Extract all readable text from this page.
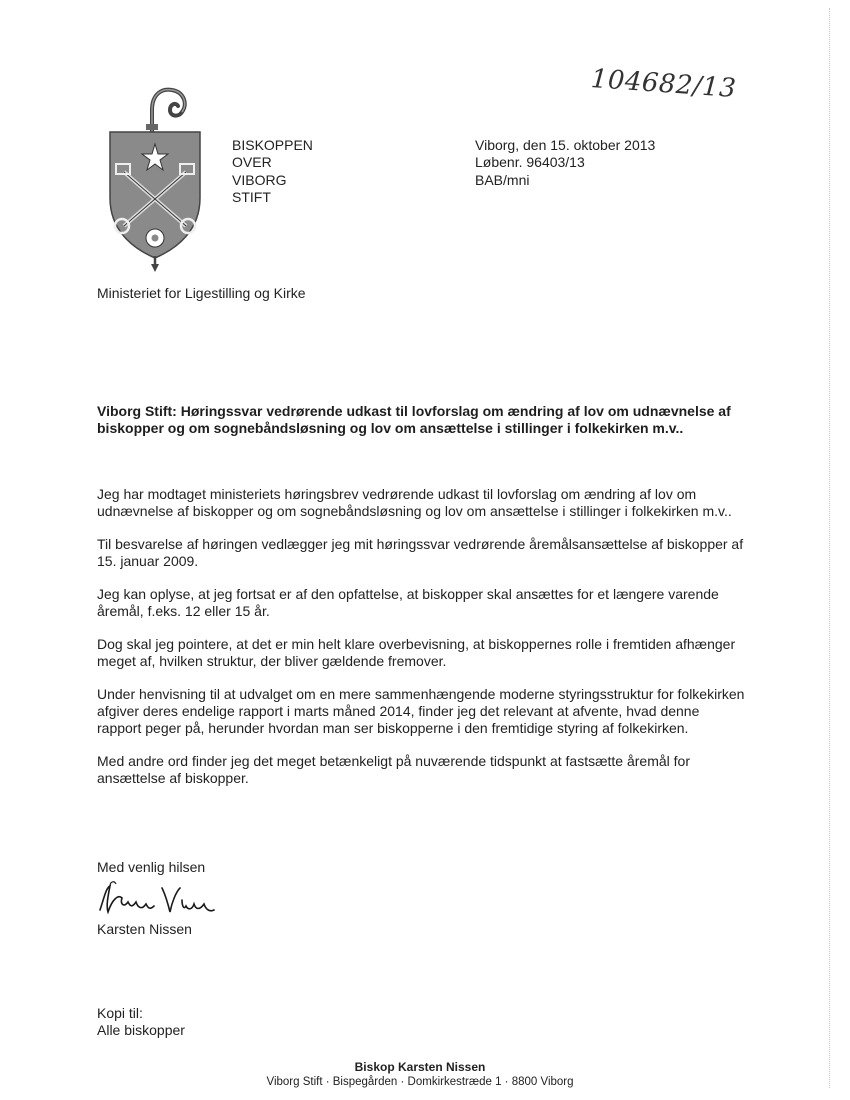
104682/13
BISKOPPEN
OVER
VIBORG
STIFT
Viborg, den 15. oktober 2013
Løbenr. 96403/13
BAB/mni
Ministeriet for Ligestilling og Kirke
Viborg Stift: Høringssvar vedrørende udkast til lovforslag om ændring af lov om udnævnelse af biskopper og om sognebåndsløsning og lov om ansættelse i stillinger i folkekirken m.v..

Jeg har modtaget ministeriets høringsbrev vedrørende udkast til lovforslag om ændring af lov om udnævnelse af biskopper og om sognebåndsløsning og lov om ansættelse i stillinger i folkekirken m.v..

Til besvarelse af høringen vedlægger jeg mit høringssvar vedrørende åremålsansættelse af biskopper af 15. januar 2009.

Jeg kan oplyse, at jeg fortsat er af den opfattelse, at biskopper skal ansættes for et længere varende åremål, f.eks. 12 eller 15 år.

Dog skal jeg pointere, at det er min helt klare overbevisning, at biskoppernes rolle i fremtiden afhænger meget af, hvilken struktur, der bliver gældende fremover.

Under henvisning til at udvalget om en mere sammenhængende moderne styringsstruktur for folkekirken afgiver deres endelige rapport i marts måned 2014, finder jeg det relevant at afvente, hvad denne rapport peger på, herunder hvordan man ser biskopperne i den fremtidige styring af folkekirken.

Med andre ord finder jeg det meget betænkeligt på nuværende tidspunkt at fastsætte åremål for ansættelse af biskopper.

Med venlig hilsen
Karsten Nissen
Kopi til:
Alle biskopper
Biskop Karsten Nissen
Viborg Stift · Bispegården · Domkirkestræde 1 · 8800 Viborg
